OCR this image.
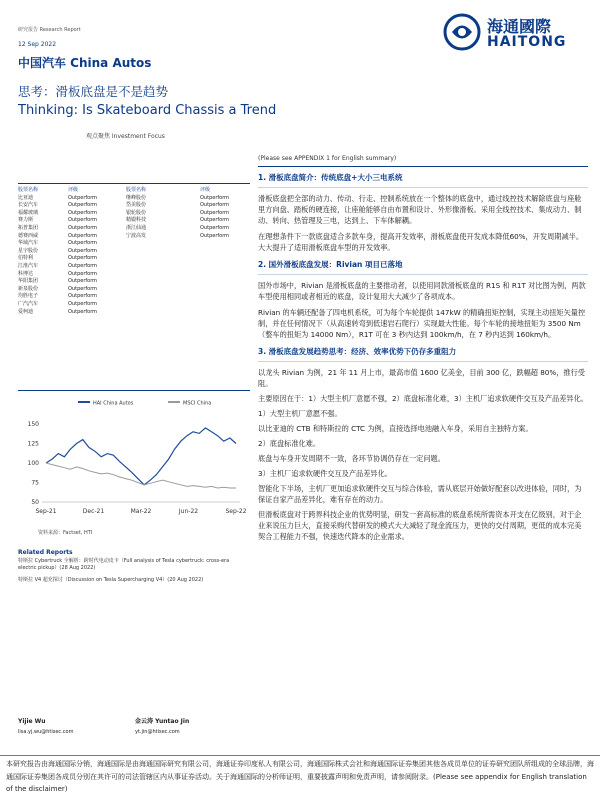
研究报告 Research Report
12 Sep 2022
中国汽车 China Autos
思考：滑板底盘是不是趋势
Thinking: Is Skateboard Chassis a Trend
观点聚焦 Investment Focus
海通國際
HAITONG
股票名称	评级	股票名称	评级
比亚迪	Outperform	继峰股份	Outperform
长安汽车	Outperform	岱美股份	Outperform
福耀玻璃	Outperform	银轮股份	Outperform
赛力斯	Outperform	精锻科技	Outperform
拓普集团	Outperform	浙江仙通	Outperform
德赛西威	Outperform	宁波高发	Outperform
华域汽车	Outperform		
星宇股份	Outperform		
伯特利	Outperform		
江淮汽车	Outperform		
科博达	Outperform		
华阳集团	Outperform		
新泉股份	Outperform		
均胜电子	Outperform		
广汽汽车	Outperform		
爱柯迪	Outperform		
HAI China Autos	MSCI China
50
75
100
125
150
Sep-21	Dec-21	Mar-22	Jun-22	Sep-22
资料来源：Factset, HTI
Related Reports
特斯拉 Cybertruck 全解析：跨时代电动皮卡（Full analysis of Tesla cybertruck: cross-era electric pickup）(28 Aug 2022)
特斯拉 V4 超充探讨（Discussion on Tesla Supercharging V4）(20 Aug 2022)
Yijie Wu
lisa.yj.wu@htisec.com
金云涛 Yuntao Jin
yt.jin@htisec.com
(Please see APPENDIX 1 for English summary)
1. 滑板底盘简介：传统底盘+大小三电系统
滑板底盘把全部的动力、传动、行走、控制系统放在一个整体的底盘中，通过线控技术解除底盘与座舱里方向盘、踏板的硬连接，让座舱能够自由布置和设计、外形像滑板。采用全线控技术、集成动力、制动、转向、热管理及三电，达到上、下车体解耦。
在理想条件下一款底盘适合多款车身，提高开发效率，滑板底盘使开发成本降低60%，开发周期减半。大大提升了适用滑板底盘车型的开发效率。
2. 国外滑板底盘发展：Rivian 项目已落地
国外市场中，Rivian 是滑板底盘的主要推动者，以使用同款滑板底盘的 R1S 和 R1T 对比图为例，两款车型使用相同或者相近的底盘，设计复用大大减少了各项成本。
Rivian 的车辆还配备了四电机系统，可为每个车轮提供 147kW 的精确扭矩控制，实现主动扭矩矢量控制，并在任何情况下（从高速转弯到低速岩石爬行）实现最大性能。每个车轮的接地扭矩为 3500 Nm（整车的扭矩为 14000 Nm），R1T 可在 3 秒内达到 100km/h，在 7 秒内达到 160km/h。
3. 滑板底盘发展趋势思考：经济、效率优势下仍存多重阻力
以龙头 Rivian 为例，21 年 11 月上市，最高市值 1600 亿美金，目前 300 亿，跌幅超 80%，推行受阻。
主要原因在于：1）大型主机厂意愿不强，2）底盘标准化难，3）主机厂追求软硬件交互及产品差异化。
1）大型主机厂意愿不强。
以比亚迪的 CTB 和特斯拉的 CTC 为例，直接选择电池融入车身，采用自主独特方案。
2）底盘标准化难。
底盘与车身开发周期不一致，各环节协调仍存在一定问题。
3）主机厂追求软硬件交互及产品差异化。
智能化下半场，主机厂更加追求软硬件交互与综合体验，需从底层开始做好配套以改进体验，同时，为保证自家产品差异化，难有存在的动力。
但滑板底盘对于跨界科技企业的优势明显，研发一套高标准的底盘系统所需资本开支在亿级别，对于企业来说压力巨大，直接采购代替研发的模式大大减轻了现金流压力，更快的交付周期，更低的成本完美契合工程能力不强，快速迭代降本的企业需求。
本研究报告由海通国际分销，海通国际是由海通国际研究有限公司，海通证券印度私人有限公司，海通国际株式会社和海通国际证券集团其他各成员单位的证券研究团队所组成的全球品牌，海通国际证券集团各成员分别在其许可的司法管辖区内从事证券活动。关于海通国际的分析师证明，重要披露声明和免责声明，请参阅附录。(Please see appendix for English translation of the disclaimer)
